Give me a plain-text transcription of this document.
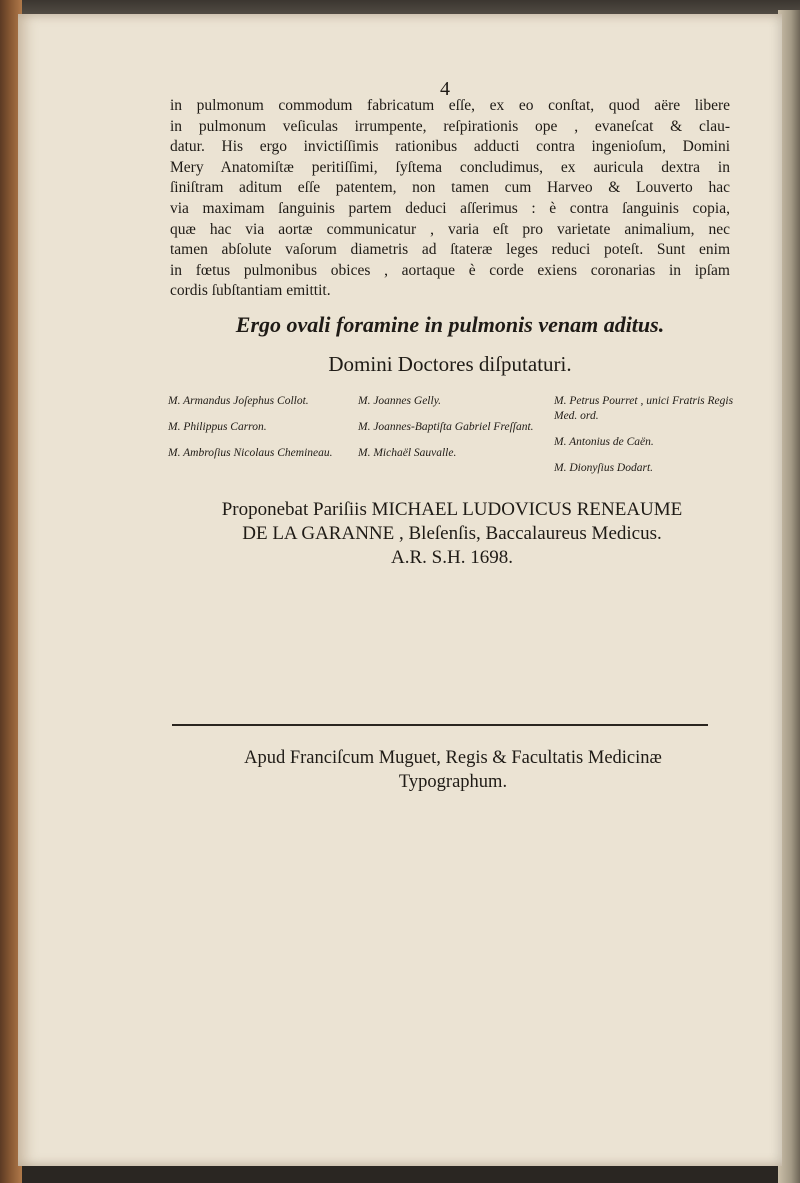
4
in pulmonum commodum fabricatum eſſe, ex eo conſtat, quod aëre libere
in pulmonum veſiculas irrumpente, reſpirationis ope , evaneſcat & clau-
datur. His ergo invictiſſimis rationibus adducti contra ingenioſum, Domini
Mery Anatomiſtæ peritiſſimi, ſyſtema concludimus, ex auricula dextra in
ſiniſtram aditum eſſe patentem, non tamen cum Harveo & Louverto hac
via maximam ſanguinis partem deduci aſſerimus : è contra ſanguinis copia,
quæ hac via aortæ communicatur , varia eſt pro varietate animalium, nec
tamen abſolute vaſorum diametris ad ſtateræ leges reduci poteſt. Sunt enim
in fœtus pulmonibus obices , aortaque è corde exiens coronarias in ipſam
cordis ſubſtantiam emittit.
Ergo ovali foramine in pulmonis venam aditus.
Domini Doctores diſputaturi.
M. Armandus Joſephus Collot.
M. Philippus Carron.
M. Ambroſius Nicolaus Chemineau.
M. Joannes Gelly.
M. Joannes-Baptiſta Gabriel Freſſant.
M. Michaël Sauvalle.
M. Petrus Pourret , unici Fratris Regis Med. ord.
M. Antonius de Caën.
M. Dionyſius Dodart.
Proponebat Pariſiis MICHAEL LUDOVICUS RENEAUME
DE LA GARANNE , Bleſenſis, Baccalaureus Medicus.
A.R. S.H. 1698.
Apud Franciſcum Muguet, Regis & Facultatis Medicinæ
Typographum.
